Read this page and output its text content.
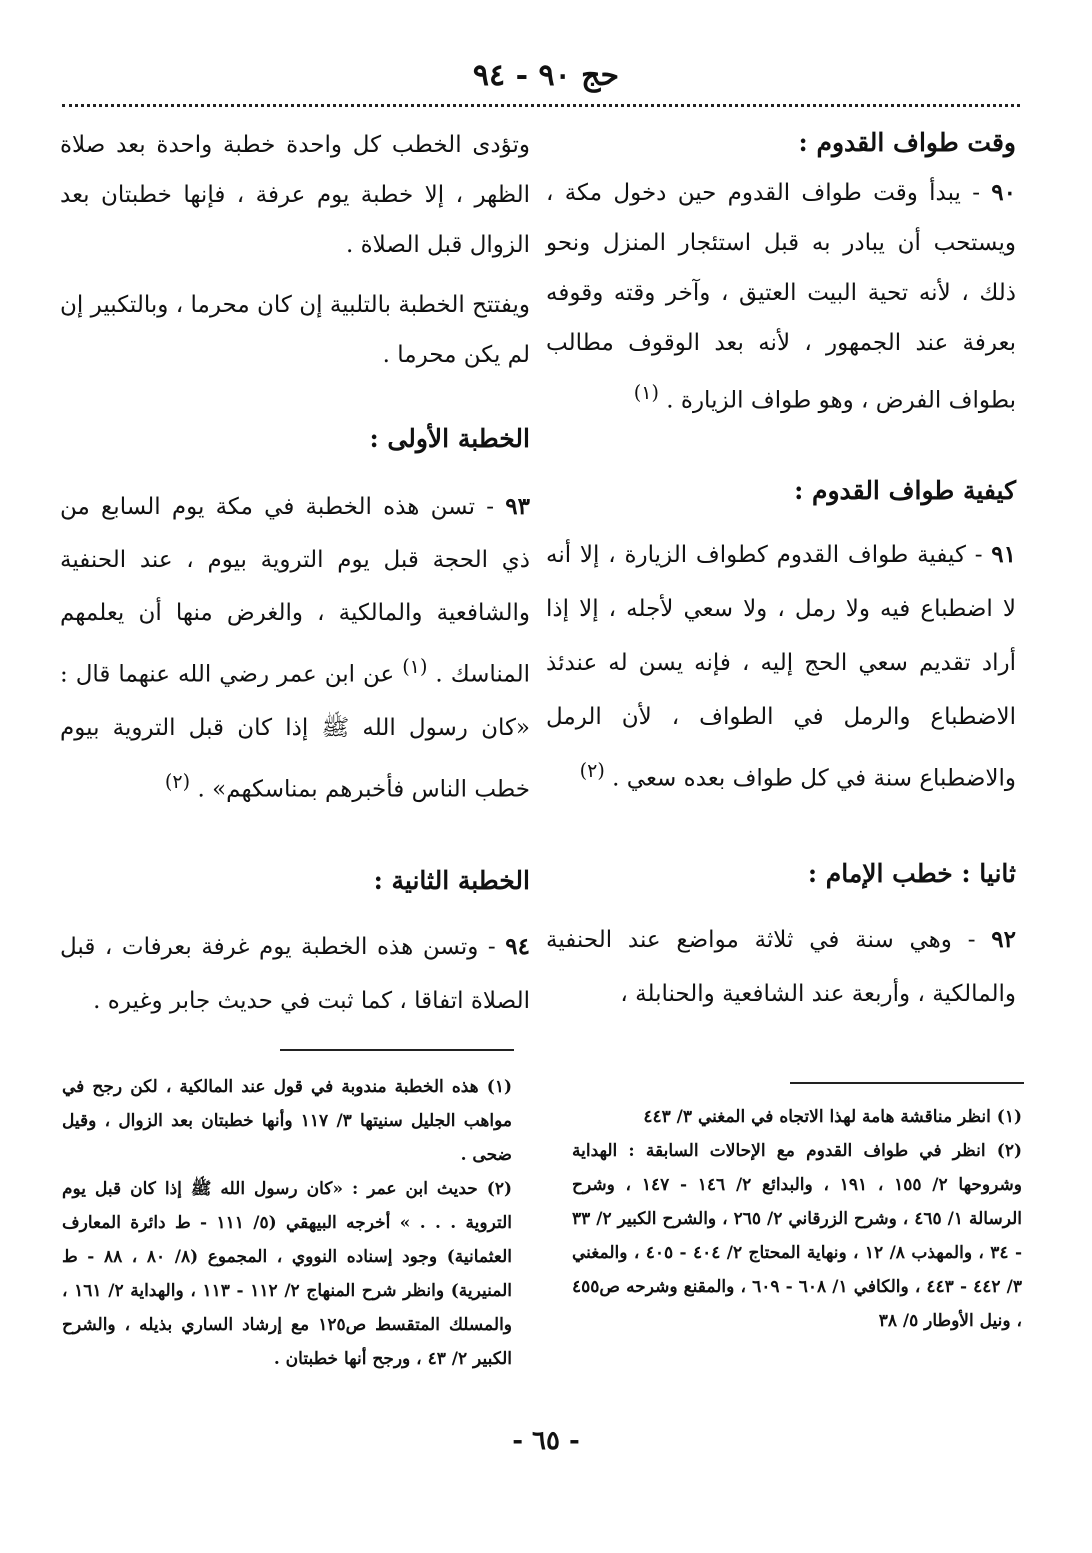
حج ٩٠ - ٩٤
وقت طواف القدوم :

٩٠ - يبدأ وقت طواف القدوم حين دخول مكة ، ويستحب أن يبادر به قبل استئجار المنزل ونحو ذلك ، لأنه تحية البيت العتيق ، وآخر وقته وقوفه بعرفة عند الجمهور ، لأنه بعد الوقوف مطالب بطواف الفرض ، وهو طواف الزيارة . $^{(١)}$

كيفية طواف القدوم :

٩١ - كيفية طواف القدوم كطواف الزيارة ، إلا أنه لا اضطباع فيه ولا رمل ، ولا سعي لأجله ، إلا إذا أراد تقديم سعي الحج إليه ، فإنه يسن له عندئذ الاضطباع والرمل في الطواف ، لأن الرمل والاضطباع سنة في كل طواف بعده سعي . $^{(٢)}$

ثانيا : خطب الإمام :

٩٢ - وهي سنة في ثلاثة مواضع عند الحنفية والمالكية ، وأربعة عند الشافعية والحنابلة ،

وتؤدى الخطب كل واحدة خطبة واحدة بعد صلاة الظهر ، إلا خطبة يوم عرفة ، فإنها خطبتان بعد الزوال قبل الصلاة .

ويفتتح الخطبة بالتلبية إن كان محرما ، وبالتكبير إن لم يكن محرما .

الخطبة الأولى :

٩٣ - تسن هذه الخطبة في مكة يوم السابع من ذي الحجة قبل يوم التروية بيوم ، عند الحنفية والشافعية والمالكية ، والغرض منها أن يعلمهم المناسك . $^{(١)}$ عن ابن عمر رضي الله عنهما قال : «كان رسول الله ﷺ إذا كان قبل التروية بيوم خطب الناس فأخبرهم بمناسكهم» . $^{(٢)}$

الخطبة الثانية :

٩٤ - وتسن هذه الخطبة يوم غرفة بعرفات ، قبل الصلاة اتفاقا ، كما ثبت في حديث جابر وغيره .

(١) انظر مناقشة هامة لهذا الاتجاه في المغني ٣/ ٤٤٣

(٢) انظر في طواف القدوم مع الإحالات السابقة : الهداية وشروحها ٢/ ١٥٥ ، ١٩١ ، والبدائع ٢/ ١٤٦ - ١٤٧ ، وشرح الرسالة ١/ ٤٦٥ ، وشرح الزرقاني ٢/ ٢٦٥ ، والشرح الكبير ٢/ ٣٣ - ٣٤ ، والمهذب ٨/ ١٢ ، ونهاية المحتاج ٢/ ٤٠٤ - ٤٠٥ ، والمغني ٣/ ٤٤٢ - ٤٤٣ ، والكافي ١/ ٦٠٨ - ٦٠٩ ، والمقنع وشرحه ص٤٥٥ ، ونيل الأوطار ٥/ ٣٨

(١) هذه الخطبة مندوبة في قول عند المالكية ، لكن رجح في مواهب الجليل سنيتها ٣/ ١١٧ وأنها خطبتان بعد الزوال ، وقيل ضحى .

(٢) حديث ابن عمر : «كان رسول الله ﷺ إذا كان قبل يوم التروية . . . » أخرجه البيهقي (٥/ ١١١ - ط دائرة المعارف العثمانية) وجود إسناده النووي ، المجموع (٨/ ٨٠ ، ٨٨ - ط المنيرية) وانظر شرح المنهاج ٢/ ١١٢ - ١١٣ ، والهداية ٢/ ١٦١ ، والمسلك المتقسط ص١٢٥ مع إرشاد الساري بذيله ، والشرح الكبير ٢/ ٤٣ ، ورجح أنها خطبتان .

- ٦٥ -
